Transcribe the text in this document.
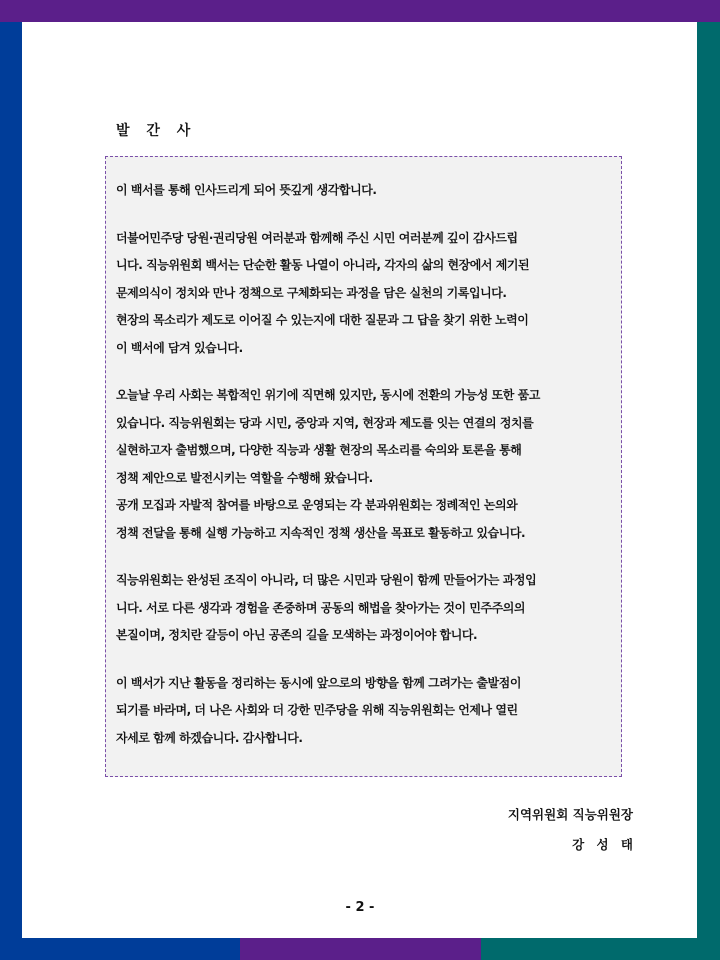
발 간 사

이 백서를 통해 인사드리게 되어 뜻깊게 생각합니다.

더불어민주당 당원·권리당원 여러분과 함께해 주신 시민 여러분께 깊이 감사드립
니다. 직능위원회 백서는 단순한 활동 나열이 아니라, 각자의 삶의 현장에서 제기된
문제의식이 정치와 만나 정책으로 구체화되는 과정을 담은 실천의 기록입니다.
현장의 목소리가 제도로 이어질 수 있는지에 대한 질문과 그 답을 찾기 위한 노력이
이 백서에 담겨 있습니다.

오늘날 우리 사회는 복합적인 위기에 직면해 있지만, 동시에 전환의 가능성 또한 품고
있습니다. 직능위원회는 당과 시민, 중앙과 지역, 현장과 제도를 잇는 연결의 정치를
실현하고자 출범했으며, 다양한 직능과 생활 현장의 목소리를 숙의와 토론을 통해
정책 제안으로 발전시키는 역할을 수행해 왔습니다.
공개 모집과 자발적 참여를 바탕으로 운영되는 각 분과위원회는 정례적인 논의와
정책 전달을 통해 실행 가능하고 지속적인 정책 생산을 목표로 활동하고 있습니다.

직능위원회는 완성된 조직이 아니라, 더 많은 시민과 당원이 함께 만들어가는 과정입
니다. 서로 다른 생각과 경험을 존중하며 공동의 해법을 찾아가는 것이 민주주의의
본질이며, 정치란 갈등이 아닌 공존의 길을 모색하는 과정이어야 합니다.

이 백서가 지난 활동을 정리하는 동시에 앞으로의 방향을 함께 그려가는 출발점이
되기를 바라며, 더 나은 사회와 더 강한 민주당을 위해 직능위원회는 언제나 열린
자세로 함께 하겠습니다. 감사합니다.

지역위원회 직능위원장
강 성 태
- 2 -
